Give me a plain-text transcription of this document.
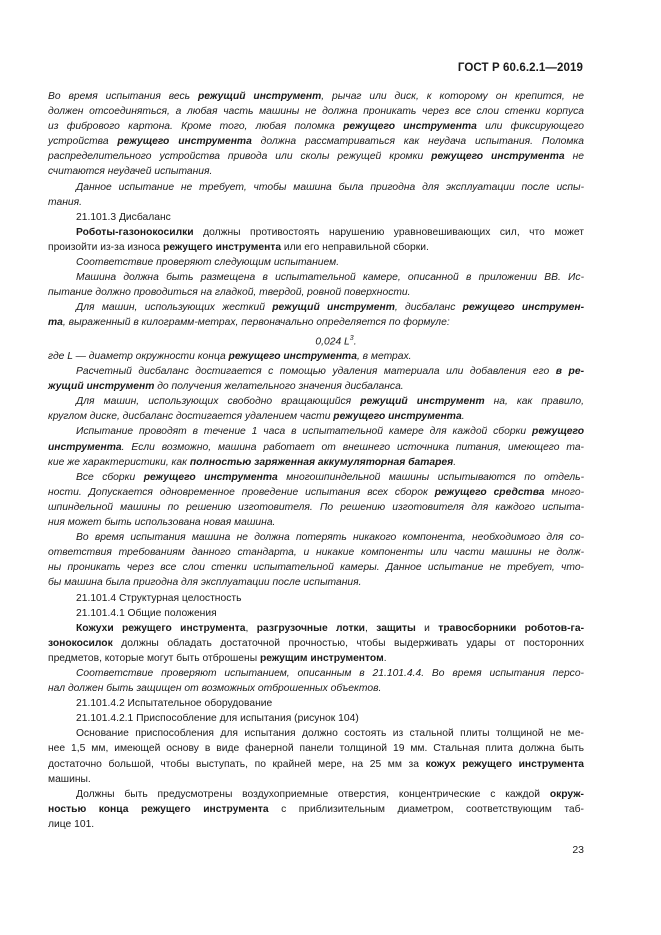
ГОСТ Р 60.6.2.1—2019

Во время испытания весь режущий инструмент, рычаг или диск, к которому он крепится, не
должен отсоединяться, а любая часть машины не должна проникать через все слои стенки корпуса
из фибрового картона. Кроме того, любая поломка режущего инструмента или фиксирующего
устройства режущего инструмента должна рассматриваться как неудача испытания. Поломка
распределительного устройства привода или сколы режущей кромки режущего инструмента не
считаются неудачей испытания.

Данное испытание не требует, чтобы машина была пригодна для эксплуатации после испы-
тания.

21.101.3 Дисбаланс

Роботы-газонокосилки должны противостоять нарушению уравновешивающих сил, что может
произойти из-за износа режущего инструмента или его неправильной сборки.

Соответствие проверяют следующим испытанием.

Машина должна быть размещена в испытательной камере, описанной в приложении ВВ. Ис-
пытание должно проводиться на гладкой, твердой, ровной поверхности.

Для машин, использующих жесткий режущий инструмент, дисбаланс режущего инструмен-
та, выраженный в килограмм-метрах, первоначально определяется по формуле:

0,024 $L^3$.

где L — диаметр окружности конца режущего инструмента, в метрах.

Расчетный дисбаланс достигается с помощью удаления материала или добавления его в ре-
жущий инструмент до получения желательного значения дисбаланса.

Для машин, использующих свободно вращающийся режущий инструмент на, как правило,
круглом диске, дисбаланс достигается удалением части режущего инструмента.

Испытание проводят в течение 1 часа в испытательной камере для каждой сборки режущего
инструмента. Если возможно, машина работает от внешнего источника питания, имеющего та-
кие же характеристики, как полностью заряженная аккумуляторная батарея.

Все сборки режущего инструмента многошпиндельной машины испытываются по отдель-
ности. Допускается одновременное проведение испытания всех сборок режущего средства много-
шпиндельной машины по решению изготовителя. По решению изготовителя для каждого испыта-
ния может быть использована новая машина.

Во время испытания машина не должна потерять никакого компонента, необходимого для со-
ответствия требованиям данного стандарта, и никакие компоненты или части машины не долж-
ны проникать через все слои стенки испытательной камеры. Данное испытание не требует, что-
бы машина была пригодна для эксплуатации после испытания.

21.101.4 Структурная целостность

21.101.4.1 Общие положения

Кожухи режущего инструмента, разгрузочные лотки, защиты и травосборники роботов-га-
зонокосилок должны обладать достаточной прочностью, чтобы выдерживать удары от посторонних
предметов, которые могут быть отброшены режущим инструментом.

Соответствие проверяют испытанием, описанным в 21.101.4.4. Во время испытания персо-
нал должен быть защищен от возможных отброшенных объектов.

21.101.4.2 Испытательное оборудование

21.101.4.2.1 Приспособление для испытания (рисунок 104)

Основание приспособления для испытания должно состоять из стальной плиты толщиной не ме-
нее 1,5 мм, имеющей основу в виде фанерной панели толщиной 19 мм. Стальная плита должна быть
достаточно большой, чтобы выступать, по крайней мере, на 25 мм за кожух режущего инструмента
машины.

Должны быть предусмотрены воздухоприемные отверстия, концентрические с каждой окруж-
ностью конца режущего инструмента с приблизительным диаметром, соответствующим таб-
лице 101.

23
